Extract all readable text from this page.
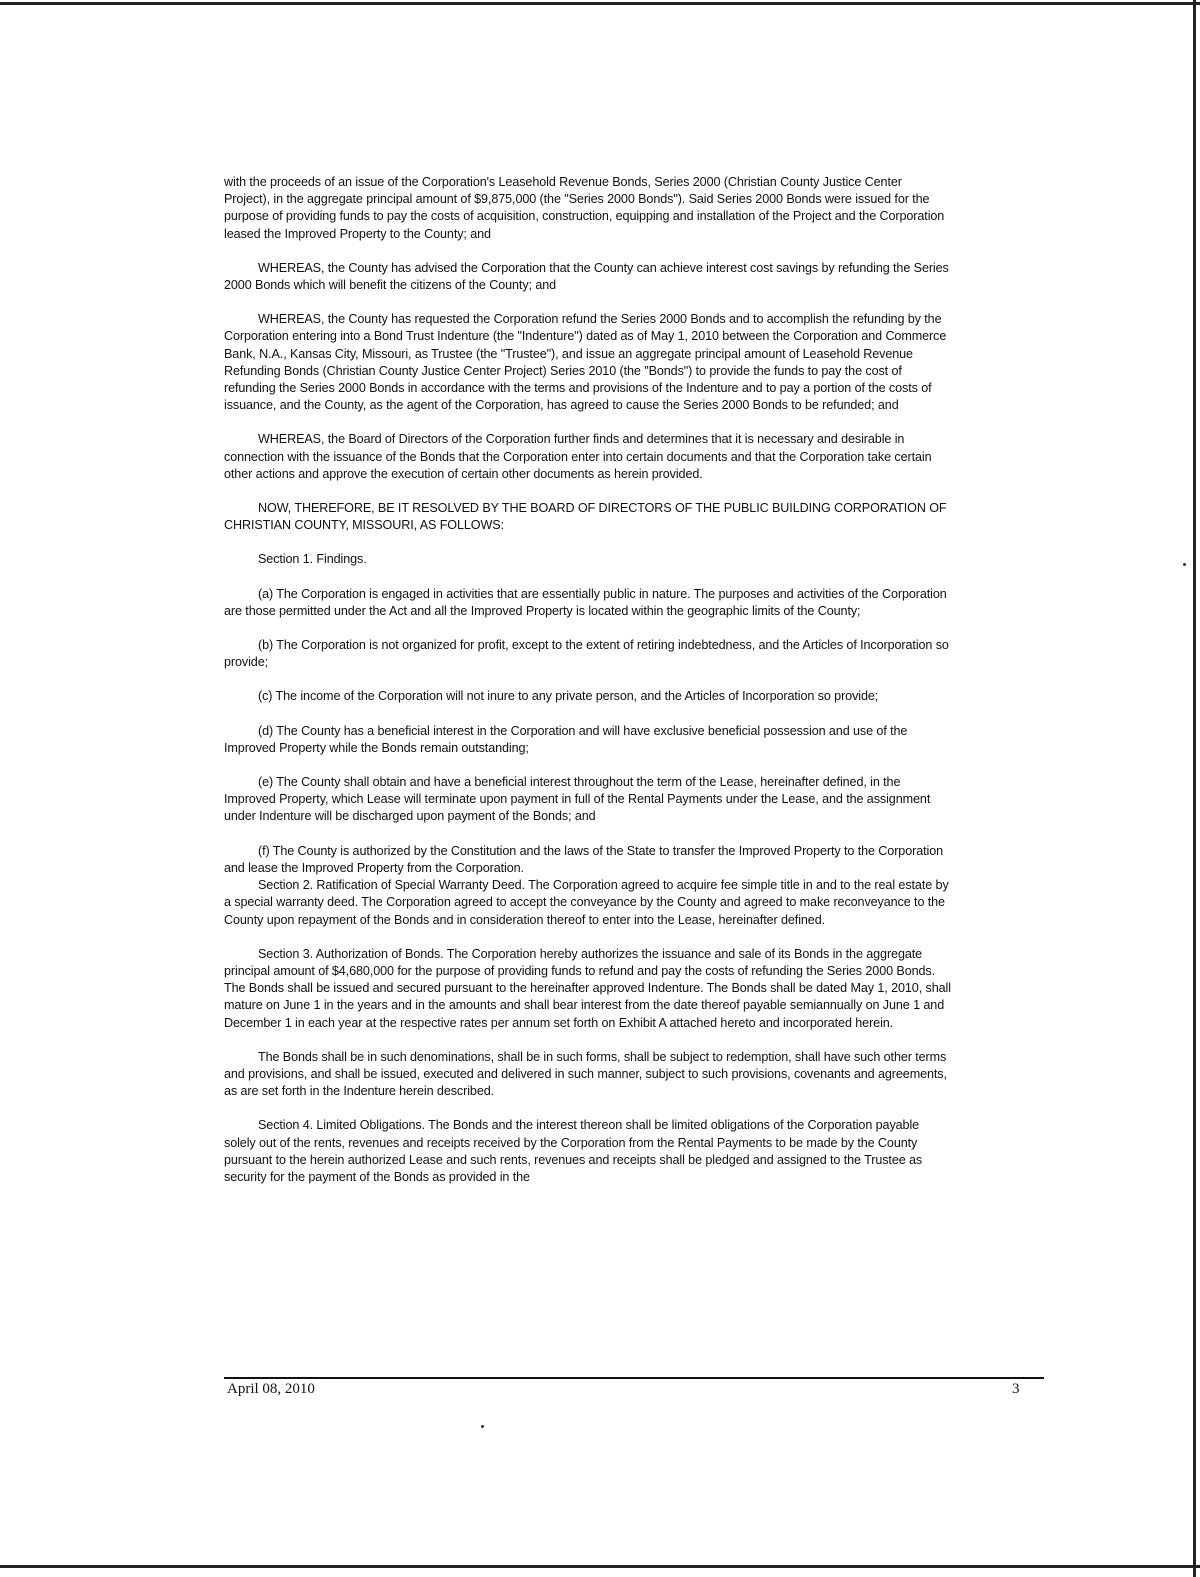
with the proceeds of an issue of the Corporation's Leasehold Revenue Bonds, Series 2000 (Christian County Justice Center Project), in the aggregate principal amount of $9,875,000 (the "Series 2000 Bonds"). Said Series 2000 Bonds were issued for the purpose of providing funds to pay the costs of acquisition, construction, equipping and installation of the Project and the Corporation leased the Improved Property to the County; and

WHEREAS, the County has advised the Corporation that the County can achieve interest cost savings by refunding the Series 2000 Bonds which will benefit the citizens of the County; and

WHEREAS, the County has requested the Corporation refund the Series 2000 Bonds and to accomplish the refunding by the Corporation entering into a Bond Trust Indenture (the "Indenture") dated as of May 1, 2010 between the Corporation and Commerce Bank, N.A., Kansas City, Missouri, as Trustee (the "Trustee"), and issue an aggregate principal amount of Leasehold Revenue Refunding Bonds (Christian County Justice Center Project) Series 2010 (the "Bonds") to provide the funds to pay the cost of refunding the Series 2000 Bonds in accordance with the terms and provisions of the Indenture and to pay a portion of the costs of issuance, and the County, as the agent of the Corporation, has agreed to cause the Series 2000 Bonds to be refunded; and

WHEREAS, the Board of Directors of the Corporation further finds and determines that it is necessary and desirable in connection with the issuance of the Bonds that the Corporation enter into certain documents and that the Corporation take certain other actions and approve the execution of certain other documents as herein provided.

NOW, THEREFORE, BE IT RESOLVED BY THE BOARD OF DIRECTORS OF THE PUBLIC BUILDING CORPORATION OF CHRISTIAN COUNTY, MISSOURI, AS FOLLOWS:

Section 1. Findings.

(a) The Corporation is engaged in activities that are essentially public in nature. The purposes and activities of the Corporation are those permitted under the Act and all the Improved Property is located within the geographic limits of the County;

(b) The Corporation is not organized for profit, except to the extent of retiring indebtedness, and the Articles of Incorporation so provide;

(c) The income of the Corporation will not inure to any private person, and the Articles of Incorporation so provide;

(d) The County has a beneficial interest in the Corporation and will have exclusive beneficial possession and use of the Improved Property while the Bonds remain outstanding;

(e) The County shall obtain and have a beneficial interest throughout the term of the Lease, hereinafter defined, in the Improved Property, which Lease will terminate upon payment in full of the Rental Payments under the Lease, and the assignment under Indenture will be discharged upon payment of the Bonds; and

(f) The County is authorized by the Constitution and the laws of the State to transfer the Improved Property to the Corporation and lease the Improved Property from the Corporation.

Section 2. Ratification of Special Warranty Deed. The Corporation agreed to acquire fee simple title in and to the real estate by a special warranty deed. The Corporation agreed to accept the conveyance by the County and agreed to make reconveyance to the County upon repayment of the Bonds and in consideration thereof to enter into the Lease, hereinafter defined.

Section 3. Authorization of Bonds. The Corporation hereby authorizes the issuance and sale of its Bonds in the aggregate principal amount of $4,680,000 for the purpose of providing funds to refund and pay the costs of refunding the Series 2000 Bonds. The Bonds shall be issued and secured pursuant to the hereinafter approved Indenture. The Bonds shall be dated May 1, 2010, shall mature on June 1 in the years and in the amounts and shall bear interest from the date thereof payable semiannually on June 1 and December 1 in each year at the respective rates per annum set forth on Exhibit A attached hereto and incorporated herein.

The Bonds shall be in such denominations, shall be in such forms, shall be subject to redemption, shall have such other terms and provisions, and shall be issued, executed and delivered in such manner, subject to such provisions, covenants and agreements, as are set forth in the Indenture herein described.

Section 4. Limited Obligations. The Bonds and the interest thereon shall be limited obligations of the Corporation payable solely out of the rents, revenues and receipts received by the Corporation from the Rental Payments to be made by the County pursuant to the herein authorized Lease and such rents, revenues and receipts shall be pledged and assigned to the Trustee as security for the payment of the Bonds as provided in the

April 08, 2010	3
